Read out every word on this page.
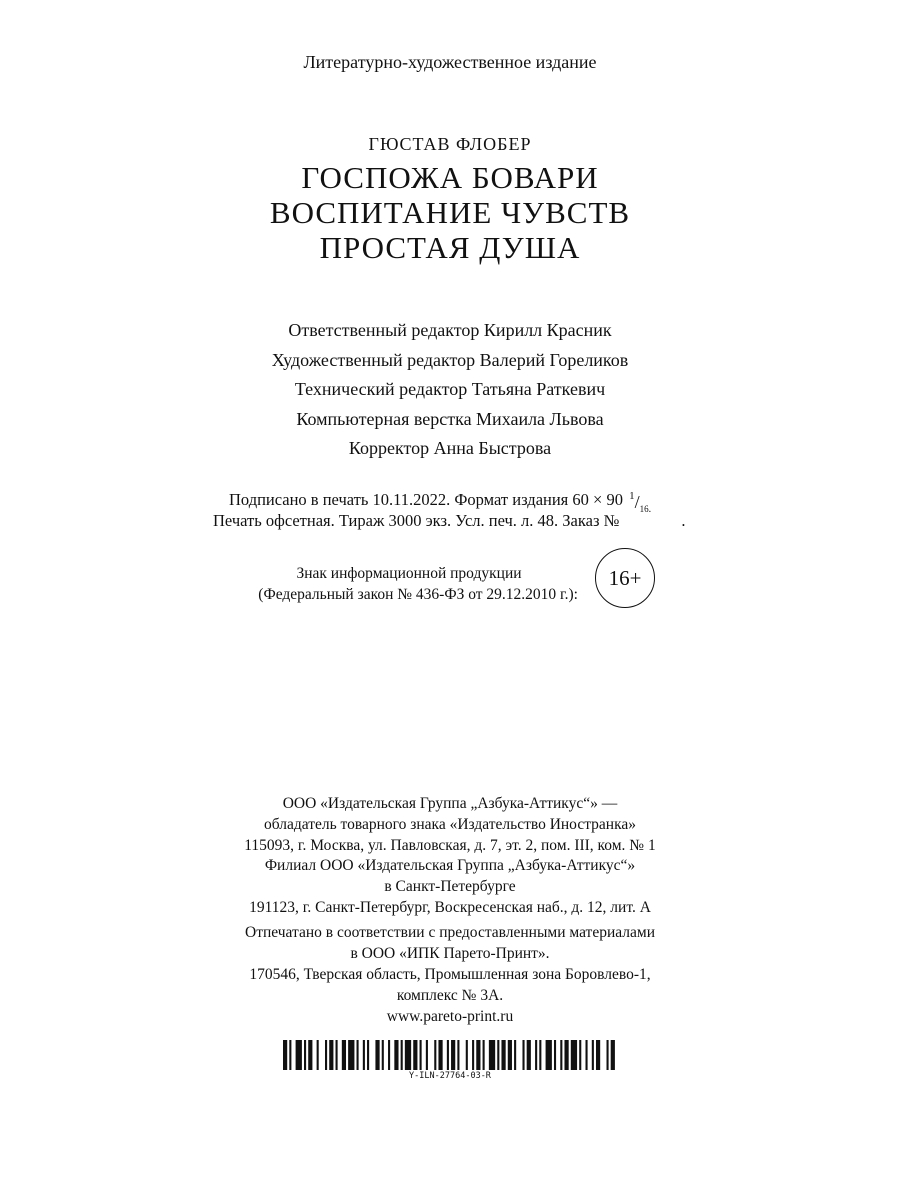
Литературно-художественное издание
ГЮСТАВ ФЛОБЕР
ГОСПОЖА БОВАРИ
ВОСПИТАНИЕ ЧУВСТВ
ПРОСТАЯ ДУША
Ответственный редактор Кирилл Красник
Художественный редактор Валерий Гореликов
Технический редактор Татьяна Раткевич
Компьютерная верстка Михаила Львова
Корректор Анна Быстрова
Подписано в печать 10.11.2022. Формат издания 60 × 90 $^1/_{16.}$
Печать офсетная. Тираж 3000 экз. Усл. печ. л. 48. Заказ №	.
Знак информационной продукции
(Федеральный закон № 436-ФЗ от 29.12.2010 г.):
16+
ООО «Издательская Группа „Азбука-Аттикус“» —
обладатель товарного знака «Издательство Иностранка»
115093, г. Москва, ул. Павловская, д. 7, эт. 2, пом. III, ком. № 1
Филиал ООО «Издательская Группа „Азбука-Аттикус“»
в Санкт-Петербурге
191123, г. Санкт-Петербург, Воскресенская наб., д. 12, лит. А
Отпечатано в соответствии с предоставленными материалами
в ООО «ИПК Парето-Принт».
170546, Тверская область, Промышленная зона Боровлево-1,
комплекс № 3А.
www.pareto-print.ru
Y-ILN-27764-03-R
